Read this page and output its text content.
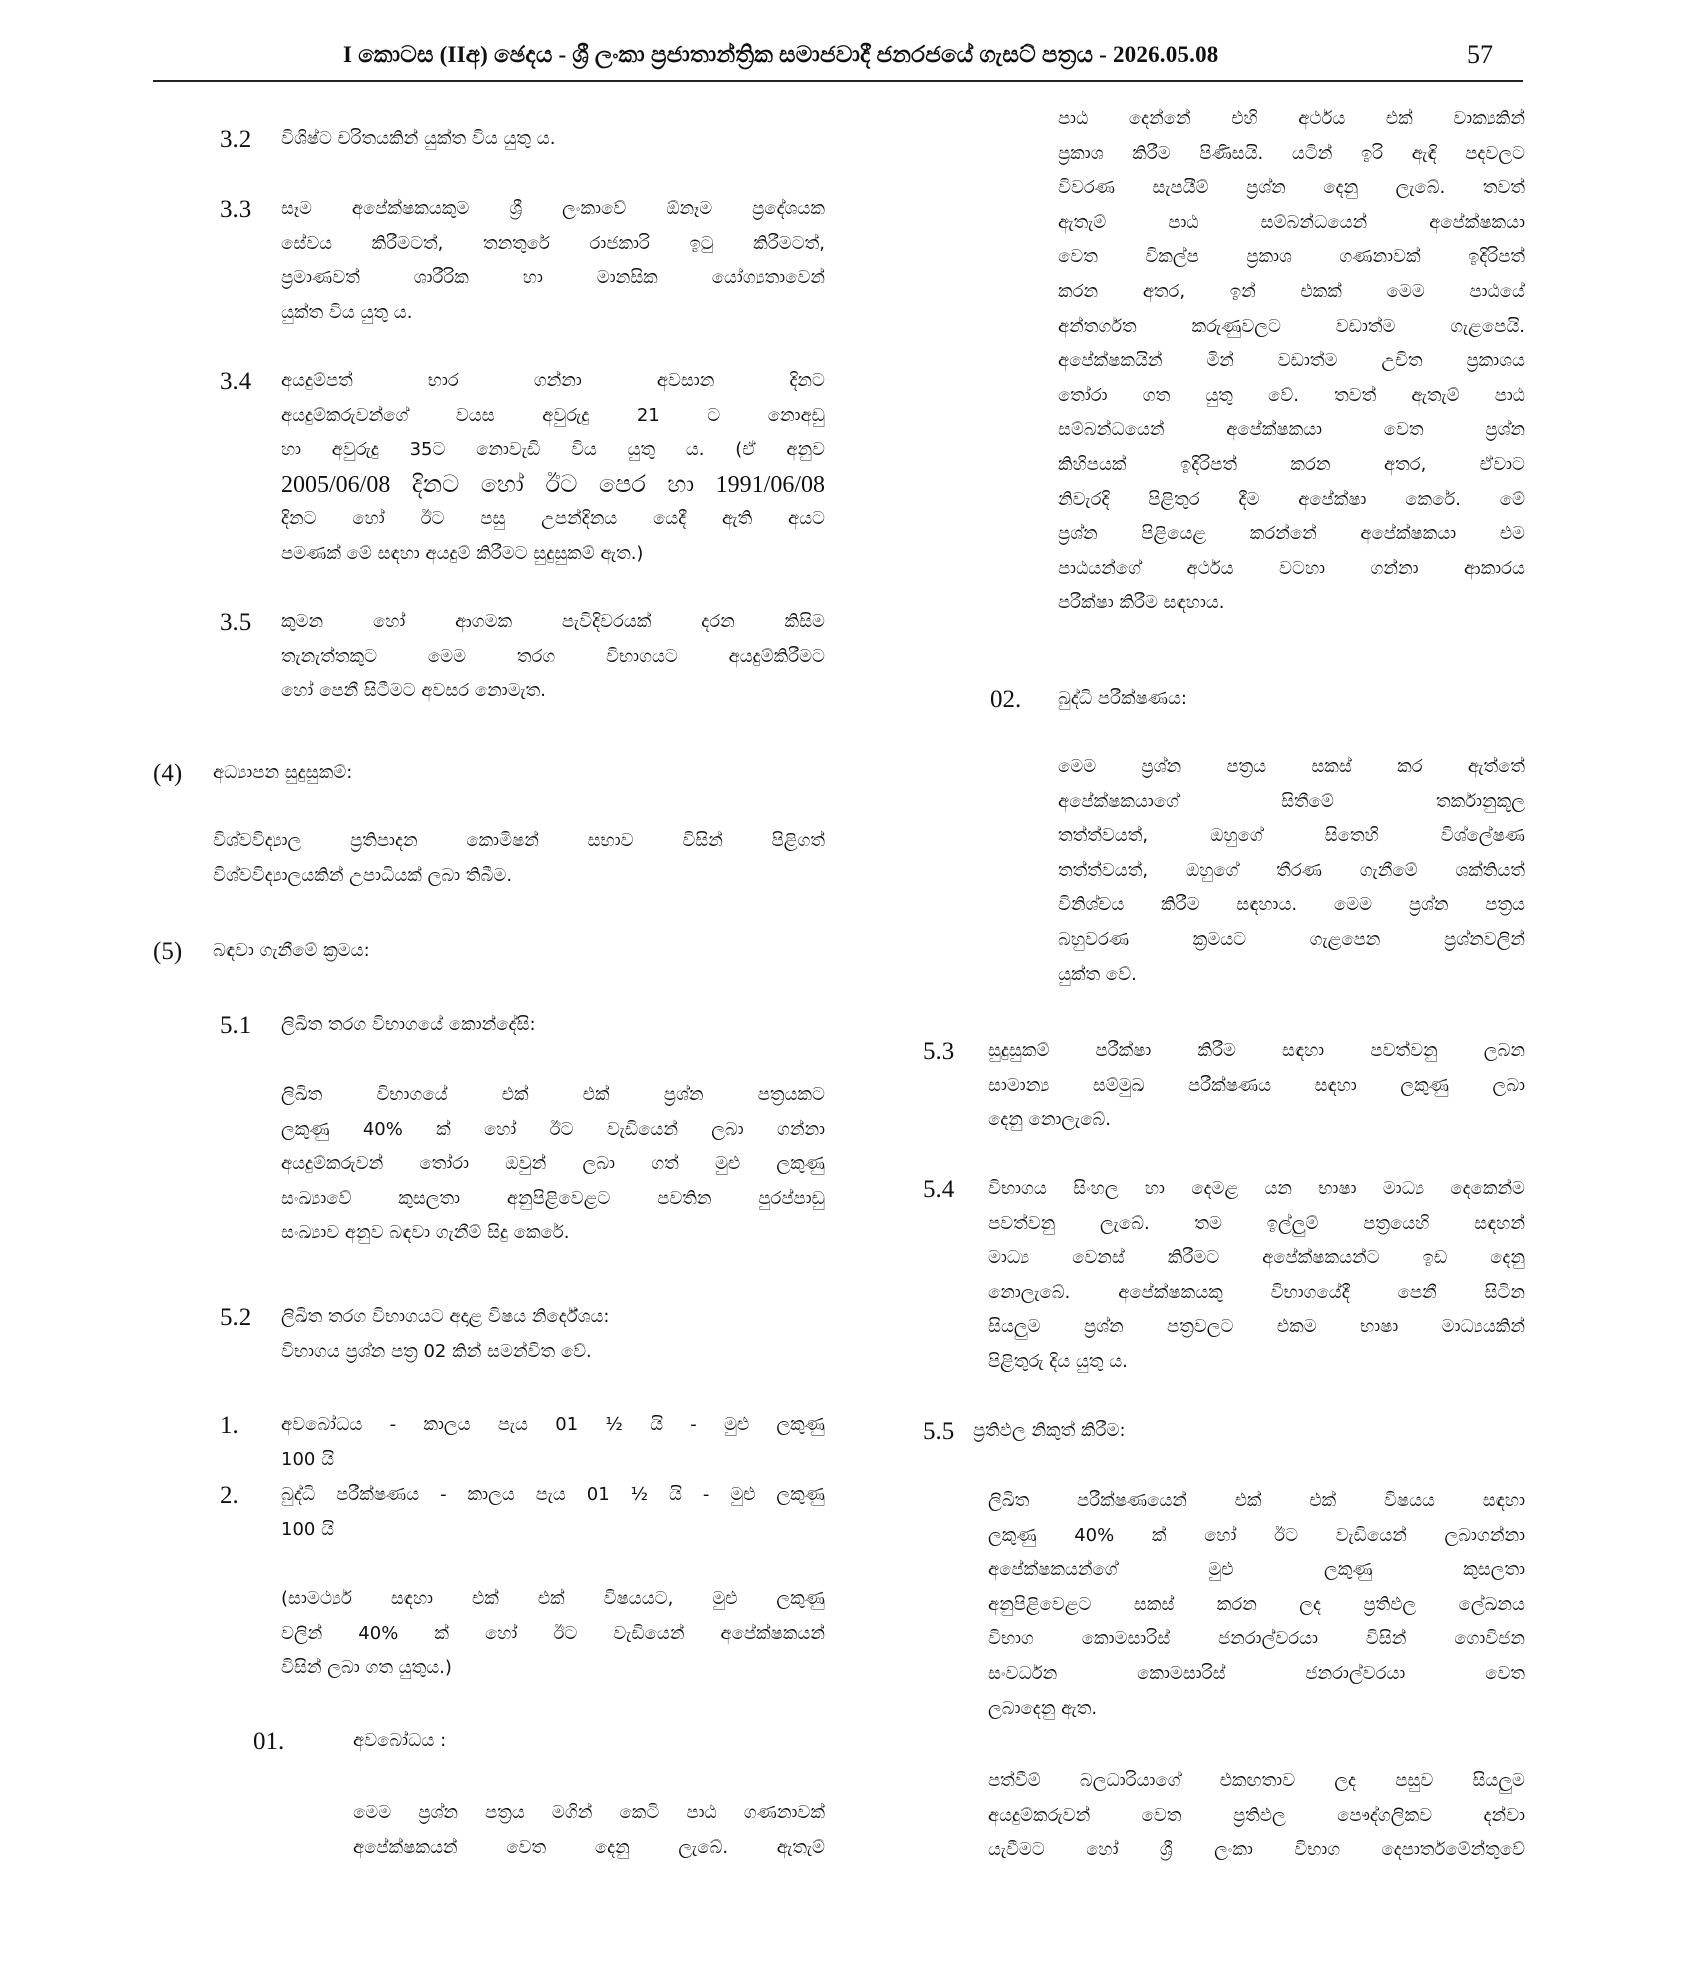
I කොටස (IIඅ) ඡෙදය - ශ්‍රී ලංකා ප්‍රජාතාන්ත්‍රික සමාජවාදී ජනරජයේ ගැසට් පත්‍රය - 2026.05.08	57
3.2 විශිෂ්ට චරිතයකින් යුක්ත විය යුතු ය.
3.3 සෑම අපේක්ෂකයකුම ශ්‍රී ලංකාවේ ඕනෑම ප්‍රදේශයක
සේවය කිරීමටත්, තනතුරේ රාජකාරි ඉටු කිරීමටත්,
ප්‍රමාණවත් ශාරීරික හා මානසික යෝග්‍යතාවෙන්
යුක්ත විය යුතු ය.
3.4 අයදුම්පත් භාර ගන්නා අවසාන දිනට
අයදුම්කරුවන්ගේ වයස අවුරුදු 21 ට නොඅඩු
හා අවුරුදු 35ට නොවැඩි විය යුතු ය. (ඒ අනුව
2005/06/08 දිනට හෝ ඊට පෙර හා 1991/06/08
දිනට හෝ ඊට පසු උපන්දිනය යෙදී ඇති අයට
පමණක් මේ සඳහා අයදුම් කිරීමට සුදුසුකම් ඇත.)
3.5 කුමන හෝ ආගමක පැවිදිවරයක් දරන කිසිම
තැනැත්තකුට මෙම තරග විභාගයට අයදුම්කිරීමට
හෝ පෙනී සිටීමට අවසර නොමැත.
(4) අධ්‍යාපන සුදුසුකම්:
විශ්වවිද්‍යාල ප්‍රතිපාදන කොමිෂන් සභාව විසින් පිළිගත්
විශ්වවිද්‍යාලයකින් උපාධියක් ලබා තිබීම.
(5) බඳවා ගැනීමේ ක්‍රමය:
5.1 ලිඛිත තරග විභාගයේ කොන්දේසි:
ලිඛිත විභාගයේ එක් එක් ප්‍රශ්න පත්‍රයකට
ලකුණු 40% ක් හෝ ඊට වැඩියෙන් ලබා ගන්නා
අයදුම්කරුවන් තෝරා ඔවුන් ලබා ගත් මුළු ලකුණු
සංඛ්‍යාවේ කුසලතා අනුපිළිවෙළට පවතින පුරප්පාඩු
සංඛ්‍යාව අනුව බඳවා ගැනීම් සිදු කෙරේ.
5.2 ලිඛිත තරග විභාගයට අදාළ විෂය නිර්දේශය:
විභාගය ප්‍රශ්න පත්‍ර 02 කින් සමන්විත වේ.
1. අවබෝධය - කාලය පැය 01 ½ යි - මුළු ලකුණු
100 යි
2. බුද්ධි පරීක්ෂණය - කාලය පැය 01 ½ යි - මුළු ලකුණු
100 යි
(සාමර්ථ්‍ය සඳහා එක් එක් විෂයයට, මුළු ලකුණු
වලින් 40% ක් හෝ ඊට වැඩියෙන් අපේක්ෂකයන්
විසින් ලබා ගත යුතුය.)
01.	අවබෝධය :
මෙම ප්‍රශ්න පත්‍රය මගින් කෙටි පාඨ ගණනාවක්
අපේක්ෂකයන් වෙත දෙනු ලැබේ. ඇතැම්
පාඨ දෙන්නේ එහි අර්ථය එක් වාක්‍යකින්
ප්‍රකාශ කිරීම පිණිසයි. යටින් ඉරි ඇඳි පදවලට
විවරණ සැපයීම් ප්‍රශ්න දෙනු ලැබේ. තවත්
ඇතැම් පාඨ සම්බන්ධයෙන් අපේක්ෂකයා
වෙත විකල්ප ප්‍රකාශ ගණනාවක් ඉදිරිපත්
කරන අතර, ඉන් එකක් මෙම පාඨයේ
අන්තර්ගත කරුණුවලට වඩාත්ම ගැළපෙයි.
අපේක්ෂකයින් මින් වඩාත්ම උචිත ප්‍රකාශය
තෝරා ගත යුතු වේ. තවත් ඇතැම් පාඨ
සම්බන්ධයෙන් අපේක්ෂකයා වෙත ප්‍රශ්න
කිහිපයක් ඉදිරිපත් කරන අතර, ඒවාට
නිවැරදි පිළිතුර දීම අපේක්ෂා කෙරේ. මේ
ප්‍රශ්න පිළියෙළ කරන්නේ අපේක්ෂකයා එම
පාඨයන්ගේ අර්ථය වටහා ගන්නා ආකාරය
පරීක්ෂා කිරීම සඳහාය.
02. බුද්ධි පරීක්ෂණය:
මෙම ප්‍රශ්න පත්‍රය සකස් කර ඇත්තේ
අපේක්ෂකයාගේ සිතීමේ තර්කානුකූල
තත්ත්වයත්, ඔහුගේ සිතෙහි විශ්ලේෂණ
තත්ත්වයත්, ඔහුගේ තීරණ ගැනීමේ ශක්තියත්
විනිශ්චය කිරීම සඳහාය. මෙම ප්‍රශ්න පත්‍රය
බහුවරණ ක්‍රමයට ගැළපෙන ප්‍රශ්නවලින්
යුක්ත වේ.
5.3 සුදුසුකම් පරීක්ෂා කිරීම සඳහා පවත්වනු ලබන
සාමාන්‍ය සම්මුඛ පරීක්ෂණය සඳහා ලකුණු ලබා
දෙනු නොලැබේ.
5.4 විභාගය සිංහල හා දෙමළ යන භාෂා මාධ්‍ය දෙකෙන්ම
පවත්වනු ලැබේ. තම ඉල්ලුම් පත්‍රයෙහි සඳහන්
මාධ්‍ය වෙනස් කිරීමට අපේක්ෂකයන්ට ඉඩ දෙනු
නොලැබේ. අපේක්ෂකයකු විභාගයේදී පෙනී සිටින
සියලුම ප්‍රශ්න පත්‍රවලට එකම භාෂා මාධ්‍යයකින්
පිළිතුරු දිය යුතු ය.
5.5 ප්‍රතිඵල නිකුත් කිරීම:
ලිඛිත පරීක්ෂණයෙන් එක් එක් විෂයය සඳහා
ලකුණු 40% ක් හෝ ඊට වැඩියෙන් ලබාගන්නා
අපේක්ෂකයන්ගේ මුළු ලකුණු කුසලතා
අනුපිළිවෙළට සකස් කරන ලද ප්‍රතිඵල ලේඛනය
විභාග කොමසාරිස් ජනරාල්වරයා විසින් ගොවිජන
සංවර්ධන කොමසාරිස් ජනරාල්වරයා වෙත
ලබාදෙනු ඇත.
පත්වීම් බලධාරියාගේ එකඟතාව ලද පසුව සියලුම
අයදුම්කරුවන් වෙත ප්‍රතිඵල පෞද්ගලිකව දන්වා
යැවීමට හෝ ශ්‍රී ලංකා විභාග දෙපාර්තමේන්තුවේ
